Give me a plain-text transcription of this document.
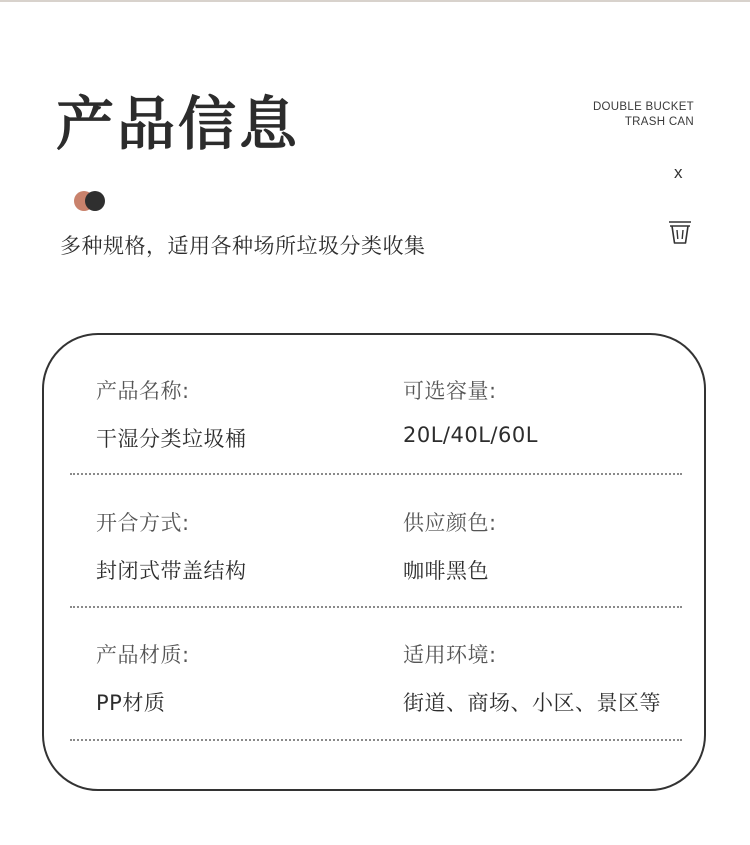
产品信息	DOUBLE BUCKET
TRASH CAN
x
多种规格，适用各种场所垃圾分类收集
产品名称:
干湿分类垃圾桶
可选容量:
20L/40L/60L
开合方式:
封闭式带盖结构
供应颜色:
咖啡黑色
产品材质:
PP材质
适用环境:
街道、商场、小区、景区等
